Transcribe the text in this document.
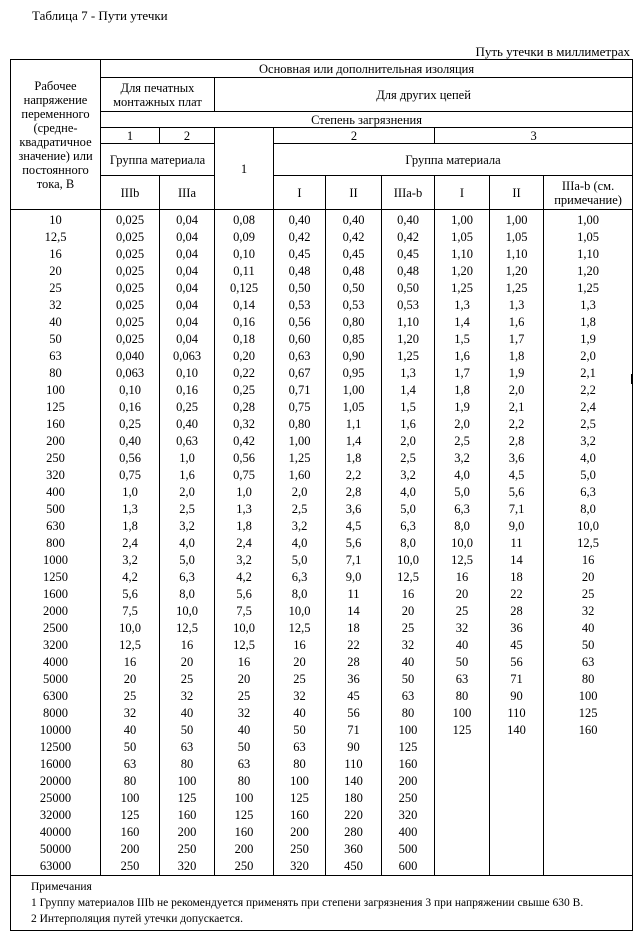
Таблица 7 - Пути утечки
Путь утечки в миллиметрах
Рабочее напряжение переменного (средне-квадратичное значение) или постоянного тока, В	Основная или дополнительная изоляция								
	Для печатных монтажных плат		Для других цепей						
	Степень загрязнения								
	1	2	1	2			3		
	Группа материала			Группа материала					
	IIIb	IIIa		I	II	IIIa-b	I	II	IIIa-b (см. примечание)
10	0,025	0,04	0,08	0,40	0,40	0,40	1,00	1,00	1,00
12,5	0,025	0,04	0,09	0,42	0,42	0,42	1,05	1,05	1,05
16	0,025	0,04	0,10	0,45	0,45	0,45	1,10	1,10	1,10
20	0,025	0,04	0,11	0,48	0,48	0,48	1,20	1,20	1,20
25	0,025	0,04	0,125	0,50	0,50	0,50	1,25	1,25	1,25
32	0,025	0,04	0,14	0,53	0,53	0,53	1,3	1,3	1,3
40	0,025	0,04	0,16	0,56	0,80	1,10	1,4	1,6	1,8
50	0,025	0,04	0,18	0,60	0,85	1,20	1,5	1,7	1,9
63	0,040	0,063	0,20	0,63	0,90	1,25	1,6	1,8	2,0
80	0,063	0,10	0,22	0,67	0,95	1,3	1,7	1,9	2,1
100	0,10	0,16	0,25	0,71	1,00	1,4	1,8	2,0	2,2
125	0,16	0,25	0,28	0,75	1,05	1,5	1,9	2,1	2,4
160	0,25	0,40	0,32	0,80	1,1	1,6	2,0	2,2	2,5
200	0,40	0,63	0,42	1,00	1,4	2,0	2,5	2,8	3,2
250	0,56	1,0	0,56	1,25	1,8	2,5	3,2	3,6	4,0
320	0,75	1,6	0,75	1,60	2,2	3,2	4,0	4,5	5,0
400	1,0	2,0	1,0	2,0	2,8	4,0	5,0	5,6	6,3
500	1,3	2,5	1,3	2,5	3,6	5,0	6,3	7,1	8,0
630	1,8	3,2	1,8	3,2	4,5	6,3	8,0	9,0	10,0
800	2,4	4,0	2,4	4,0	5,6	8,0	10,0	11	12,5
1000	3,2	5,0	3,2	5,0	7,1	10,0	12,5	14	16
1250	4,2	6,3	4,2	6,3	9,0	12,5	16	18	20
1600	5,6	8,0	5,6	8,0	11	16	20	22	25
2000	7,5	10,0	7,5	10,0	14	20	25	28	32
2500	10,0	12,5	10,0	12,5	18	25	32	36	40
3200	12,5	16	12,5	16	22	32	40	45	50
4000	16	20	16	20	28	40	50	56	63
5000	20	25	20	25	36	50	63	71	80
6300	25	32	25	32	45	63	80	90	100
8000	32	40	32	40	56	80	100	110	125
10000	40	50	40	50	71	100	125	140	160
12500	50	63	50	63	90	125			
16000	63	80	63	80	110	160			
20000	80	100	80	100	140	200			
25000	100	125	100	125	180	250			
32000	125	160	125	160	220	320			
40000	160	200	160	200	280	400			
50000	200	250	200	250	360	500			
63000	250	320	250	320	450	600			

Примечания
1 Группу материалов IIIb не рекомендуется применять при степени загрязнения 3 при напряжении свыше 630 В.
2 Интерполяция путей утечки допускается.									
